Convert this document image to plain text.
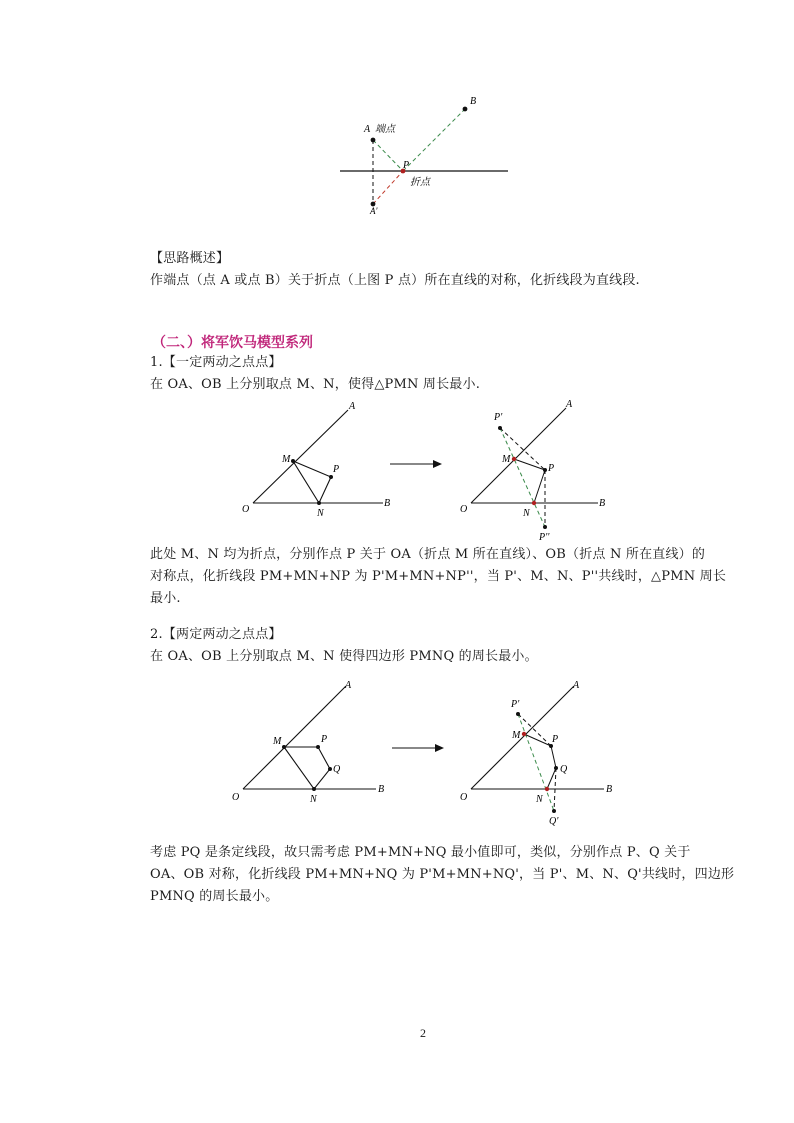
A 端点
B
P
折点
A'
【思路概述】
作端点（点 A 或点 B）关于折点（上图 P 点）所在直线的对称，化折线段为直线段.
（二、）将军饮马模型系列
1.【一定两动之点点】
在 OA、OB 上分别取点 M、N，使得△PMN 周长最小.
O
A
B
M
P
N	O
A
B
P'
M
P
N
P''
此处 M、N 均为折点，分别作点 P 关于 OA（折点 M 所在直线）、OB（折点 N 所在直线）的
对称点，化折线段 PM+MN+NP 为 P'M+MN+NP''，当 P'、M、N、P''共线时，△PMN 周长
最小.
2.【两定两动之点点】
在 OA、OB 上分别取点 M、N 使得四边形 PMNQ 的周长最小。
O
A
B
M	P
Q
N	O
A
B
P'
M	P
Q
N
Q'
考虑 PQ 是条定线段，故只需考虑 PM+MN+NQ 最小值即可，类似，分别作点 P、Q 关于
OA、OB 对称，化折线段 PM+MN+NQ 为 P'M+MN+NQ'，当 P'、M、N、Q'共线时，四边形
PMNQ 的周长最小。
2
